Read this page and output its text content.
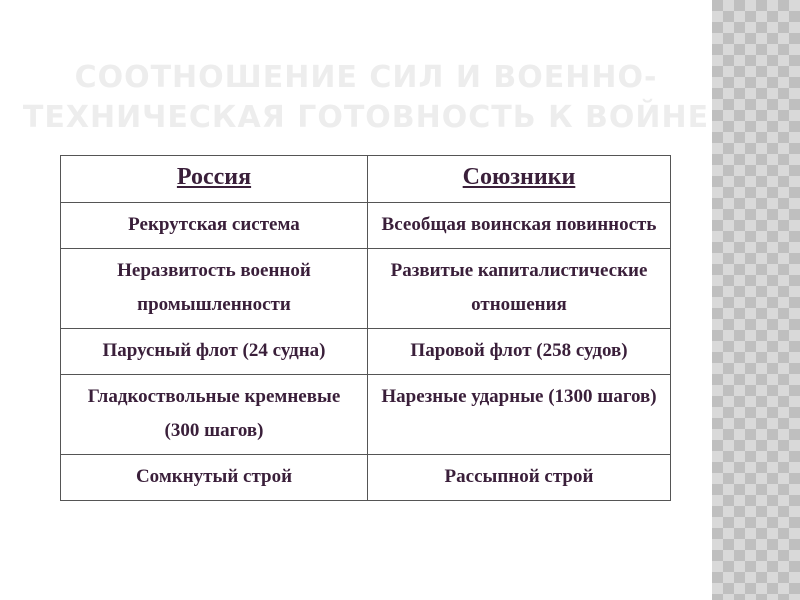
СООТНОШЕНИЕ СИЛ И ВОЕННО-
ТЕХНИЧЕСКАЯ ГОТОВНОСТЬ К ВОЙНЕ
Россия	Союзники
Рекрутская система	Всеобщая воинская повинность
Неразвитость военной промышленности	Развитые капиталистические отношения
Парусный флот (24 судна)	Паровой флот (258 судов)
Гладкоствольные кремневые (300 шагов)	Нарезные ударные (1300 шагов)
Сомкнутый строй	Рассыпной строй
